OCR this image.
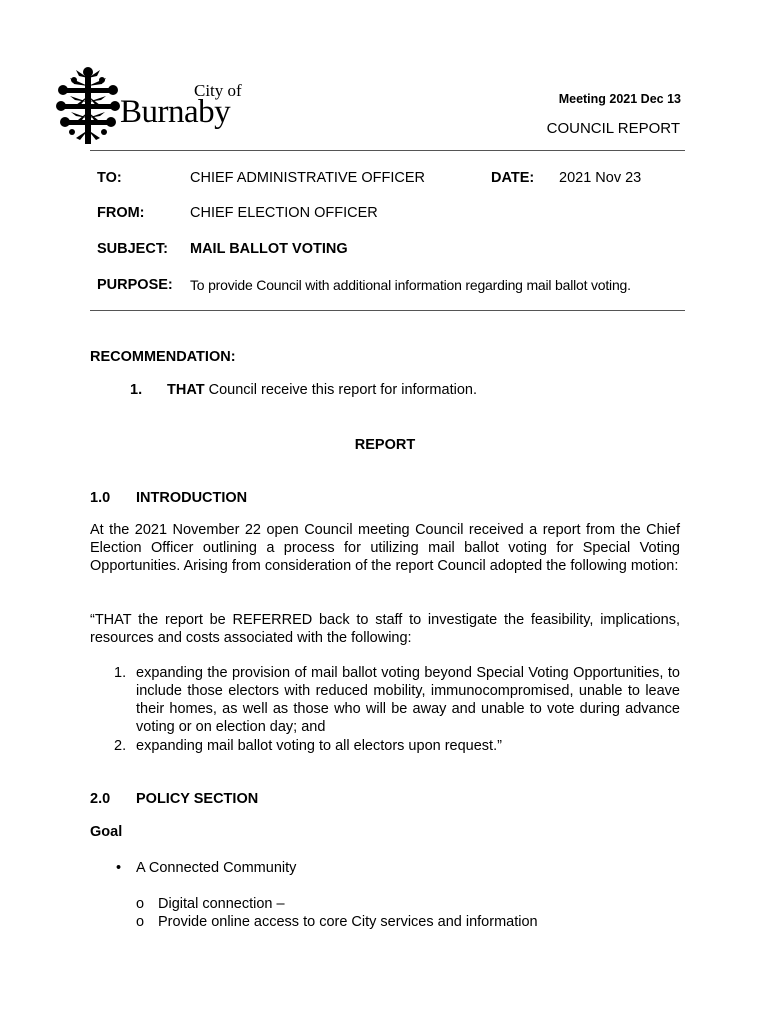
City of
Burnaby	Meeting 2021 Dec 13
COUNCIL REPORT
TO:	CHIEF ADMINISTRATIVE OFFICER	DATE: 2021 Nov 23
FROM:	CHIEF ELECTION OFFICER
SUBJECT: MAIL BALLOT VOTING
PURPOSE: To provide Council with additional information regarding mail ballot voting.
RECOMMENDATION:
1. THAT Council receive this report for information.
REPORT
1.0 INTRODUCTION
At the 2021 November 22 open Council meeting Council received a report from the Chief Election Officer outlining a process for utilizing mail ballot voting for Special Voting Opportunities. Arising from consideration of the report Council adopted the following motion:
“THAT the report be REFERRED back to staff to investigate the feasibility, implications, resources and costs associated with the following:
1. expanding the provision of mail ballot voting beyond Special Voting Opportunities, to include those electors with reduced mobility, immunocompromised, unable to leave their homes, as well as those who will be away and unable to vote during advance voting or on election day; and
2. expanding mail ballot voting to all electors upon request.”
2.0 POLICY SECTION
Goal
• A Connected Community
o Digital connection –
o Provide online access to core City services and information
